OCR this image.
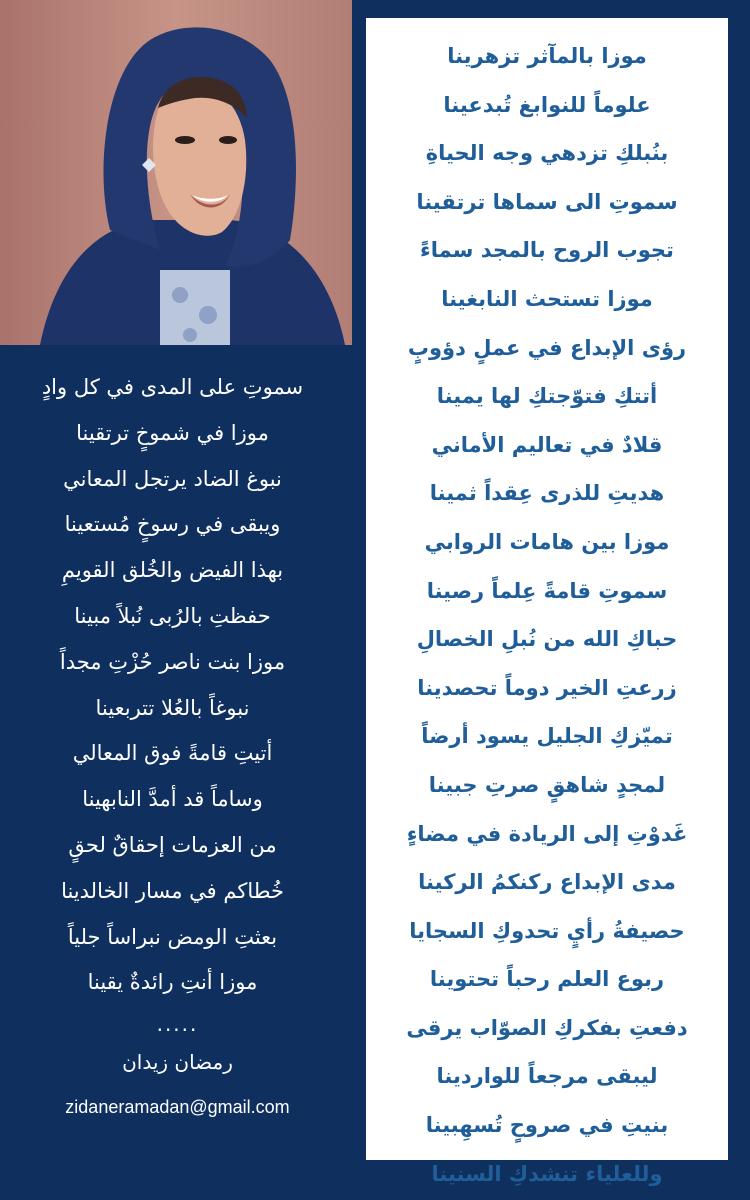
سموتِ على المدى في كل وادٍ
موزا في شموخٍ ترتقينا
نبوغ الضاد يرتجل المعاني
ويبقى في رسوخٍ مُستعينا
بهذا الفيض والخُلق القويمِ
حفظتِ بالرُبى نُبلاً مبينا
موزا بنت ناصر حُزْتِ مجداً
نبوغاً بالعُلا تتربعينا
أتيتِ قامةً فوق المعالي
وساماً قد أمدَّ النابهينا
من العزمات إحقاقٌ لحقٍ
خُطاكم في مسار الخالدينا
بعثتِ الومض نبراساً جلياً
موزا أنتِ رائدةٌ يقينا
.....
رمضان زيدان
zidaneramadan@gmail.com
موزا بالمآثر تزهرينا
علوماً للنوابغ تُبدعينا
بنُبلكِ تزدهي وجه الحياةِ
سموتِ الى سماها ترتقينا
تجوب الروح بالمجد سماءً
موزا تستحث النابغينا
رؤى الإبداع في عملٍ دؤوبٍ
أتتكِ فتوّجتكِ لها يمينا
قلادٌ في تعاليم الأماني
هديتِ للذرى عِقداً ثمينا
موزا بين هامات الروابي
سموتِ قامةً عِلماً رصينا
حباكِ الله من نُبلِ الخصالِ
زرعتِ الخير دوماً تحصدينا
تميّزكِ الجليل يسود أرضاً
لمجدٍ شاهقٍ صرتِ جبينا
غَدوْتِ إلى الريادة في مضاءٍ
مدى الإبداع ركنكمُ الركينا
حصيفةُ رأيٍ تحدوكِ السجايا
ربوع العلم رحباً تحتوينا
دفعتِ بفكركِ الصوّاب يرقى
ليبقى مرجعاً للواردينا
بنيتِ في صروحٍ تُسهِبينا
وللعلياء تنشدكِ السنينا
